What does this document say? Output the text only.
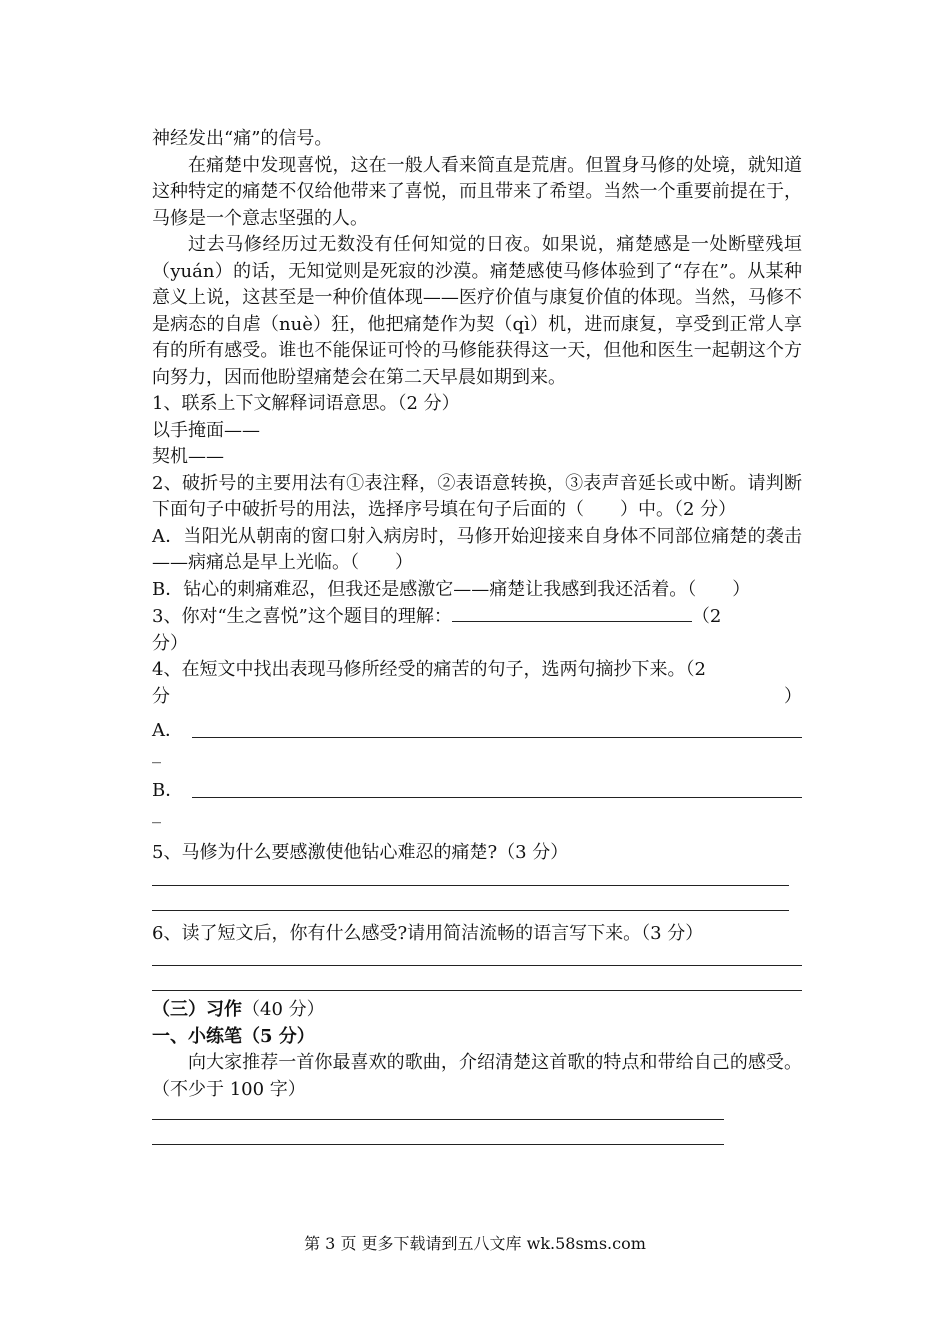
神经发出“痛”的信号。

在痛楚中发现喜悦，这在一般人看来简直是荒唐。但置身马修的处境，就知道这种特定的痛楚不仅给他带来了喜悦，而且带来了希望。当然一个重要前提在于，马修是一个意志坚强的人。

过去马修经历过无数没有任何知觉的日夜。如果说，痛楚感是一处断壁残垣（yuán）的话，无知觉则是死寂的沙漠。痛楚感使马修体验到了“存在”。从某种意义上说，这甚至是一种价值体现——医疗价值与康复价值的体现。当然，马修不是病态的自虐（nuè）狂，他把痛楚作为契（qì）机，进而康复，享受到正常人享有的所有感受。谁也不能保证可怜的马修能获得这一天，但他和医生一起朝这个方向努力，因而他盼望痛楚会在第二天早晨如期到来。

1、联系上下文解释词语意思。（2 分）

以手掩面——

契机——

2、破折号的主要用法有①表注释，②表语意转换，③表声音延长或中断。请判断下面句子中破折号的用法，选择序号填在句子后面的（　　）中。（2 分）

A．当阳光从朝南的窗口射入病房时，马修开始迎接来自身体不同部位痛楚的袭击——病痛总是早上光临。（　　）

B．钻心的刺痛难忍，但我还是感激它——痛楚让我感到我还活着。（　　）

3、你对“生之喜悦”这个题目的理解：	（2

分）

4、在短文中找出表现马修所经受的痛苦的句子，选两句摘抄下来。（2

分	）
A．

_

B．

_

5、马修为什么要感激使他钻心难忍的痛楚?（3 分）

6、读了短文后，你有什么感受?请用简洁流畅的语言写下来。（3 分）

（三）习作（40 分）

一、小练笔（5 分）

向大家推荐一首你最喜欢的歌曲，介绍清楚这首歌的特点和带给自己的感受。（不少于 100 字）

第 3 页 更多下载请到五八文库 wk.58sms.com
